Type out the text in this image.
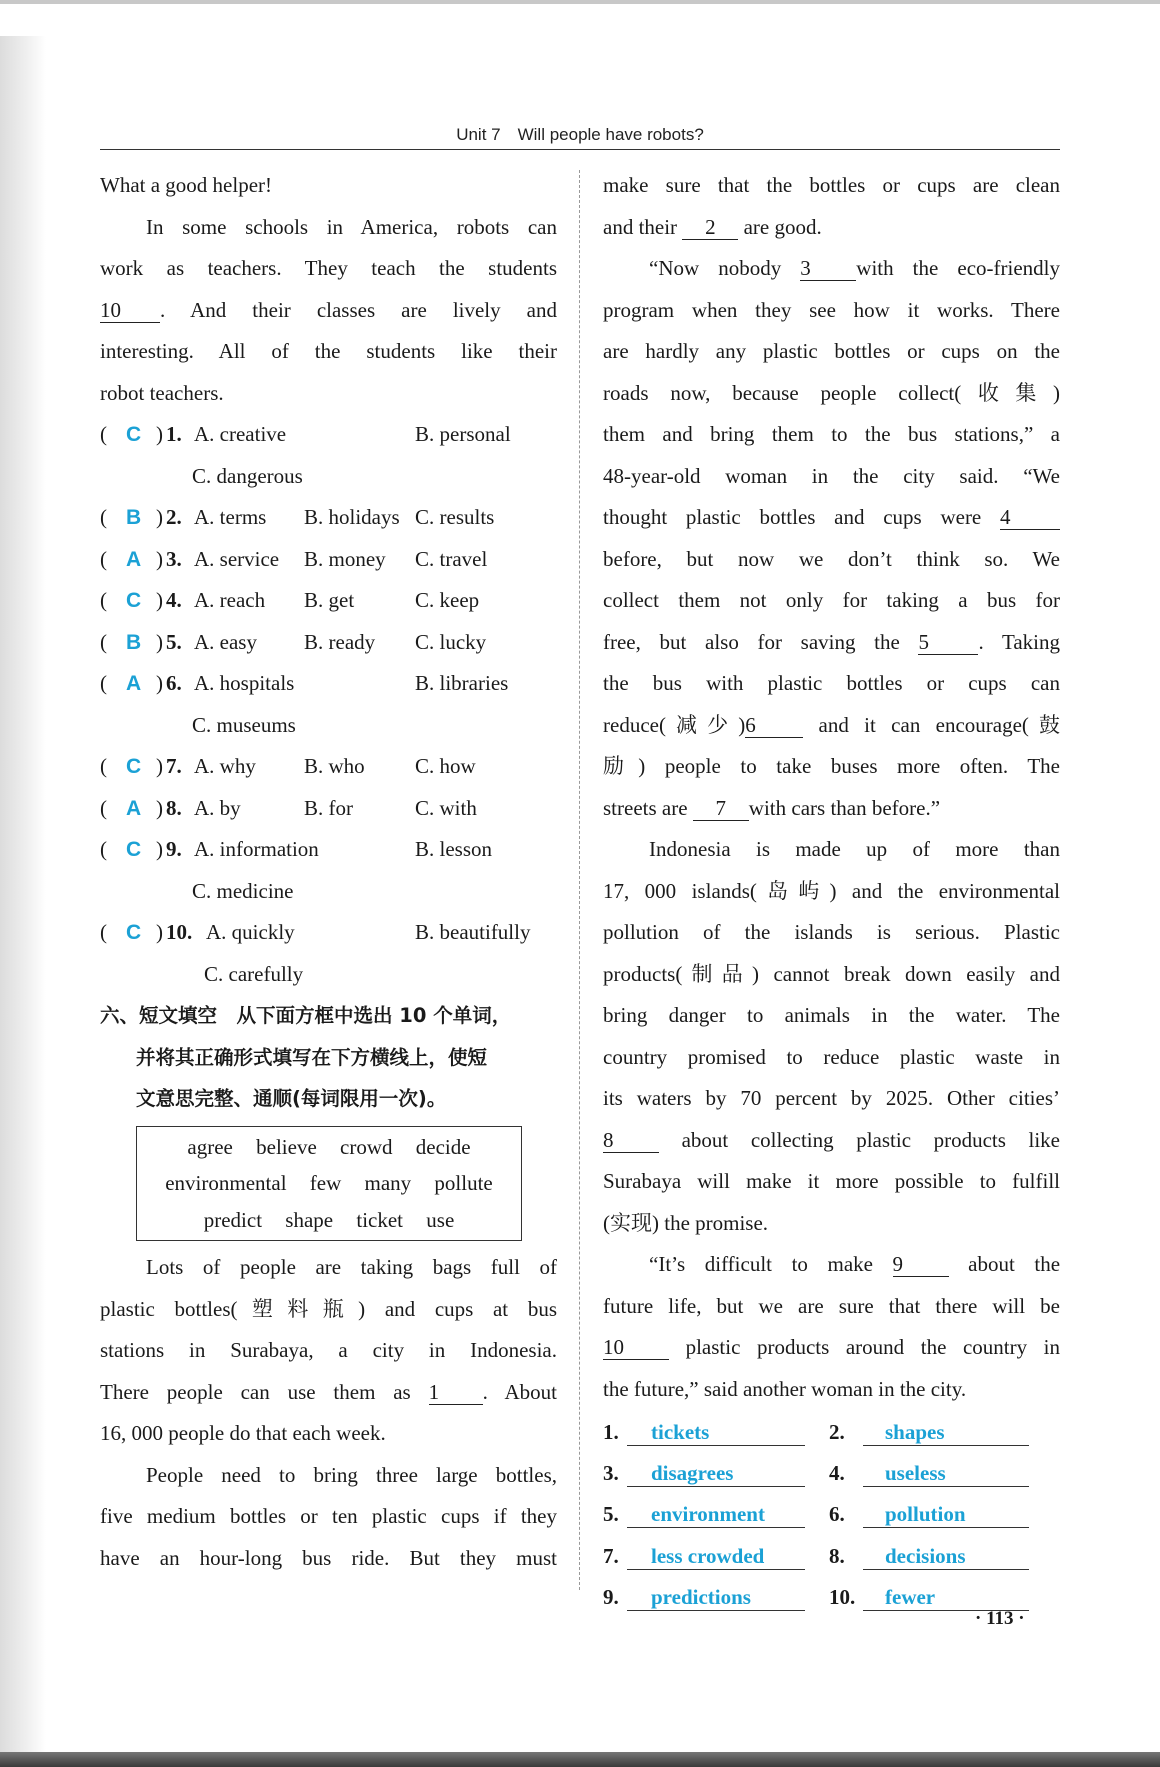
Unit 7　Will people have robots?
What a good helper!
In some schools in America, robots can
work as teachers. They teach the students
10 . And their classes are lively and
interesting. All of the students like their
robot teachers.
( C ) 1. A. creative	B. personal
C. dangerous
( B ) 2. A. terms B. holidays C. results
( A ) 3. A. service B. money C. travel
( C ) 4. A. reach B. get	C. keep
( B ) 5. A. easy B. ready C. lucky
( A ) 6. A. hospitals	B. libraries
C. museums
( C ) 7. A. why B. who C. how
( A ) 8. A. by	B. for	C. with
( C ) 9. A. information	B. lesson
C. medicine
( C ) 10. A. quickly	B. beautifully
C. carefully
六、短文填空　从下面方框中选出 10 个单词，
并将其正确形式填写在下方横线上，使短
文意思完整、通顺(每词限用一次)。
agree believe crowd decide
environmental few many pollute
predict shape ticket use
Lots of people are taking bags full of
plastic bottles(塑料瓶) and cups at bus
stations in Surabaya, a city in Indonesia.
There people can use them as 1 . About
16, 000 people do that each week.
People need to bring three large bottles,
five medium bottles or ten plastic cups if they
have an hour-long bus ride. But they must
make sure that the bottles or cups are clean
and their 2 are good.
“Now nobody 3 with the eco-friendly
program when they see how it works. There
are hardly any plastic bottles or cups on the
roads now, because people collect(收集)
them and bring them to the bus stations,” a
48-year-old woman in the city said. “We
thought plastic bottles and cups were 4
before, but now we don’t think so. We
collect them not only for taking a bus for
free, but also for saving the 5 . Taking
the bus with plastic bottles or cups can
reduce(减少)6	and it can encourage(鼓
励) people to take buses more often. The
streets are 7 with cars than before.”
Indonesia is made up of more than
17, 000 islands(岛屿) and the environmental
pollution of the islands is serious. Plastic
products(制品) cannot break down easily and
bring danger to animals in the water. The
country promised to reduce plastic waste in
its waters by 70 percent by 2025. Other cities’
8	about collecting plastic products like
Surabaya will make it more possible to fulfill
(实现) the promise.
“It’s difficult to make 9	about the
future life, but we are sure that there will be
10	plastic products around the country in
the future,” said another woman in the city.
1. tickets	2. shapes
3. disagrees	4. useless
5. environment	6. pollution
7. less crowded	8. decisions
9. predictions	10. fewer
· 113 ·
